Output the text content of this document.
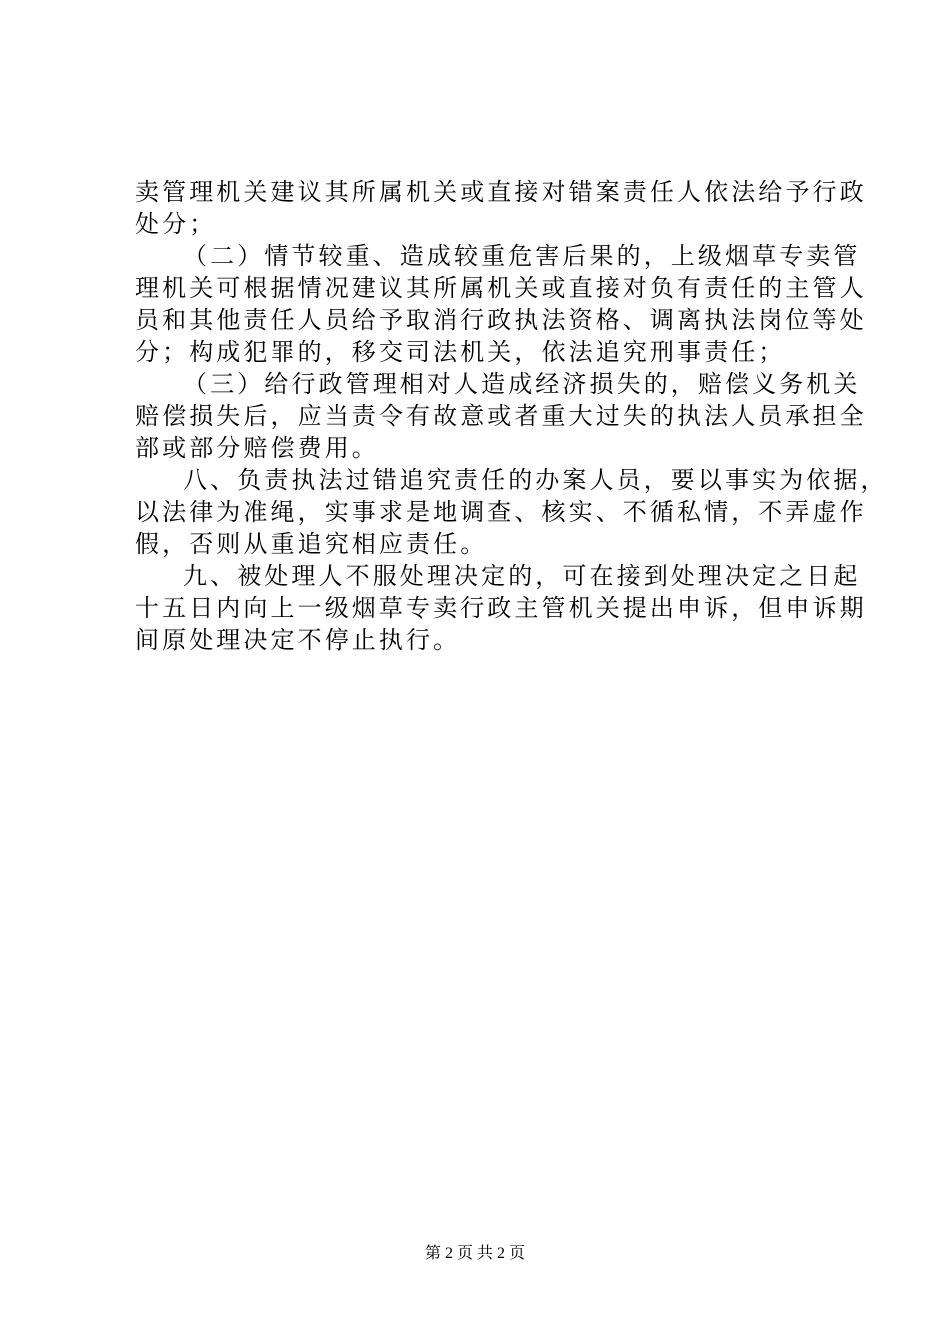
卖管理机关建议其所属机关或直接对错案责任人依法给予行政
处分；
（二）情节较重、造成较重危害后果的，上级烟草专卖管
理机关可根据情况建议其所属机关或直接对负有责任的主管人
员和其他责任人员给予取消行政执法资格、调离执法岗位等处
分；构成犯罪的，移交司法机关，依法追究刑事责任；
（三）给行政管理相对人造成经济损失的，赔偿义务机关
赔偿损失后，应当责令有故意或者重大过失的执法人员承担全
部或部分赔偿费用。
八、负责执法过错追究责任的办案人员，要以事实为依据，
以法律为准绳，实事求是地调查、核实、不循私情，不弄虚作
假，否则从重追究相应责任。
九、被处理人不服处理决定的，可在接到处理决定之日起
十五日内向上一级烟草专卖行政主管机关提出申诉，但申诉期
间原处理决定不停止执行。
第 2 页 共 2 页
